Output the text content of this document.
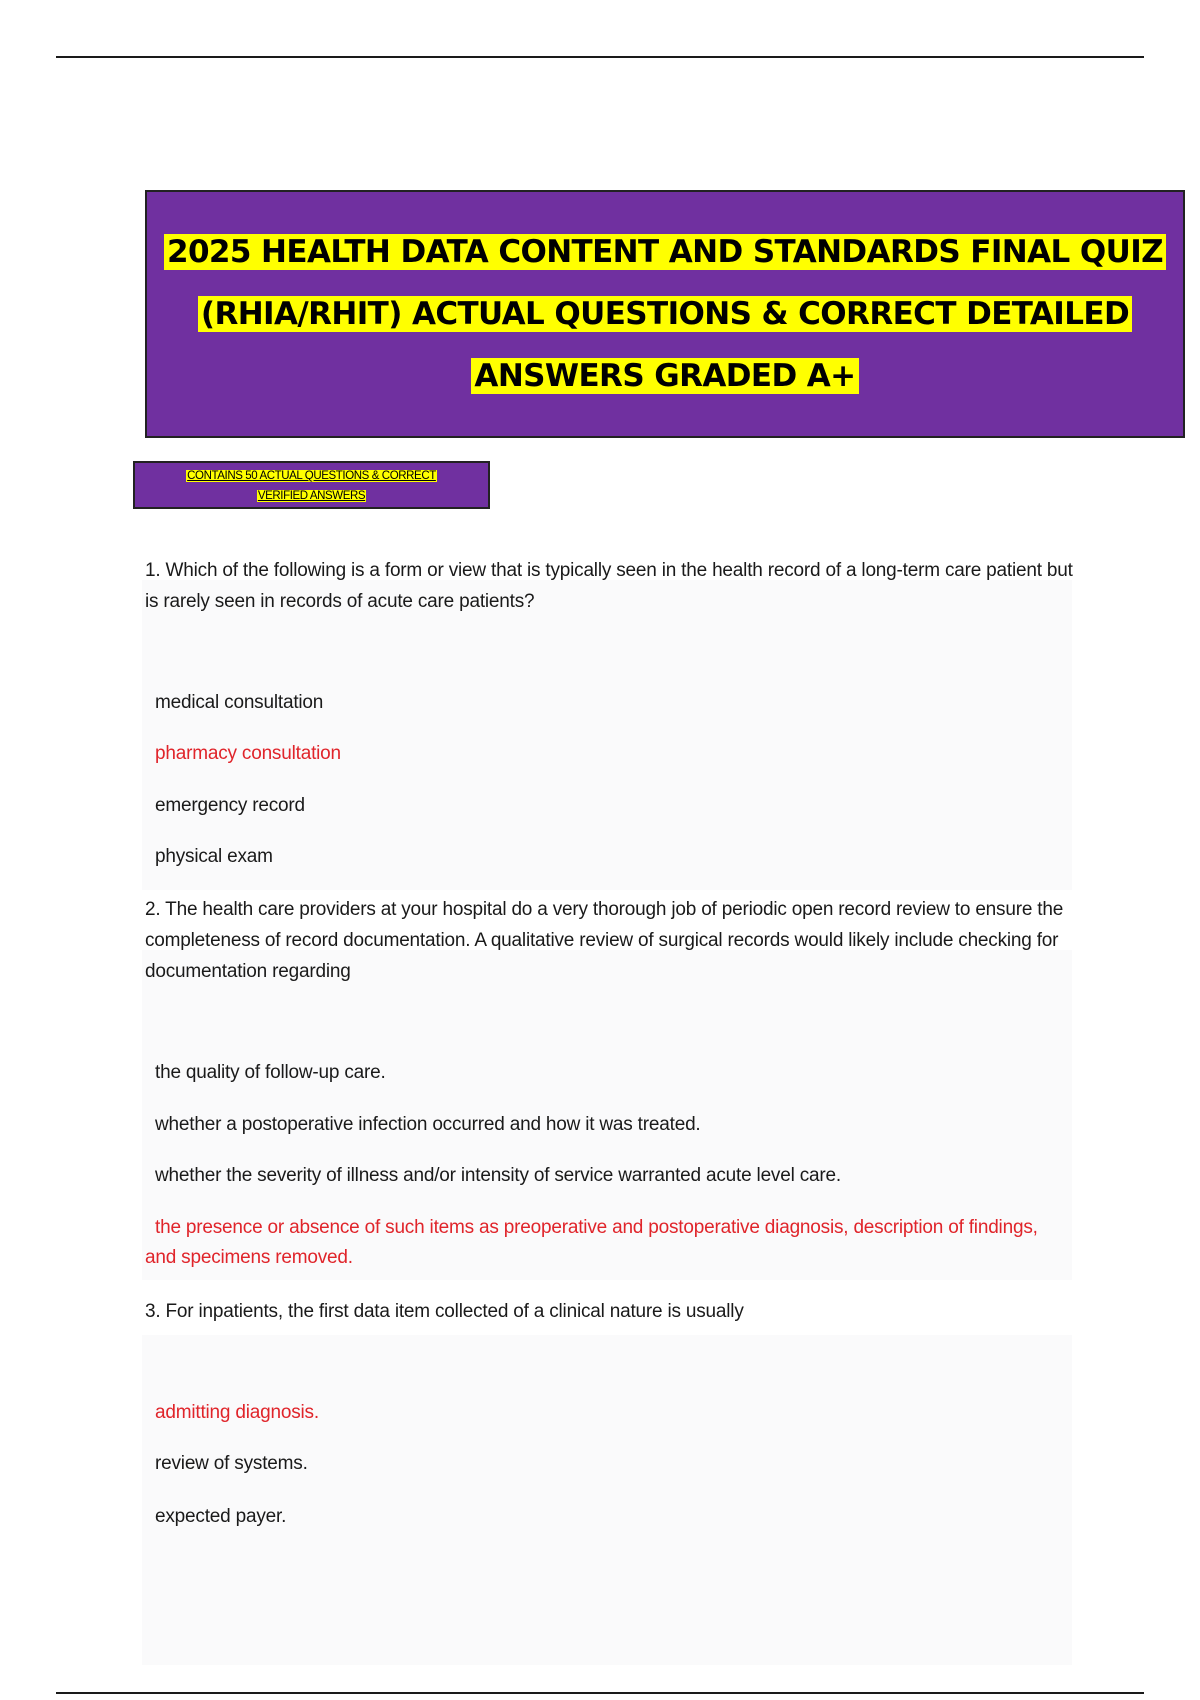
2025 HEALTH DATA CONTENT AND STANDARDS FINAL QUIZ
(RHIA/RHIT) ACTUAL QUESTIONS & CORRECT DETAILED
ANSWERS GRADED A+
CONTAINS 50 ACTUAL QUESTIONS & CORRECT
VERIFIED ANSWERS
1. Which of the following is a form or view that is typically seen in the health record of a long-term care patient but is rarely seen in records of acute care patients?
medical consultation
pharmacy consultation
emergency record
physical exam
2. The health care providers at your hospital do a very thorough job of periodic open record review to ensure the completeness of record documentation. A qualitative review of surgical records would likely include checking for documentation regarding
the quality of follow-up care.
whether a postoperative infection occurred and how it was treated.
whether the severity of illness and/or intensity of service warranted acute level care.
the presence or absence of such items as preoperative and postoperative diagnosis, description of findings, and specimens removed.
3. For inpatients, the first data item collected of a clinical nature is usually
admitting diagnosis.
review of systems.
expected payer.
